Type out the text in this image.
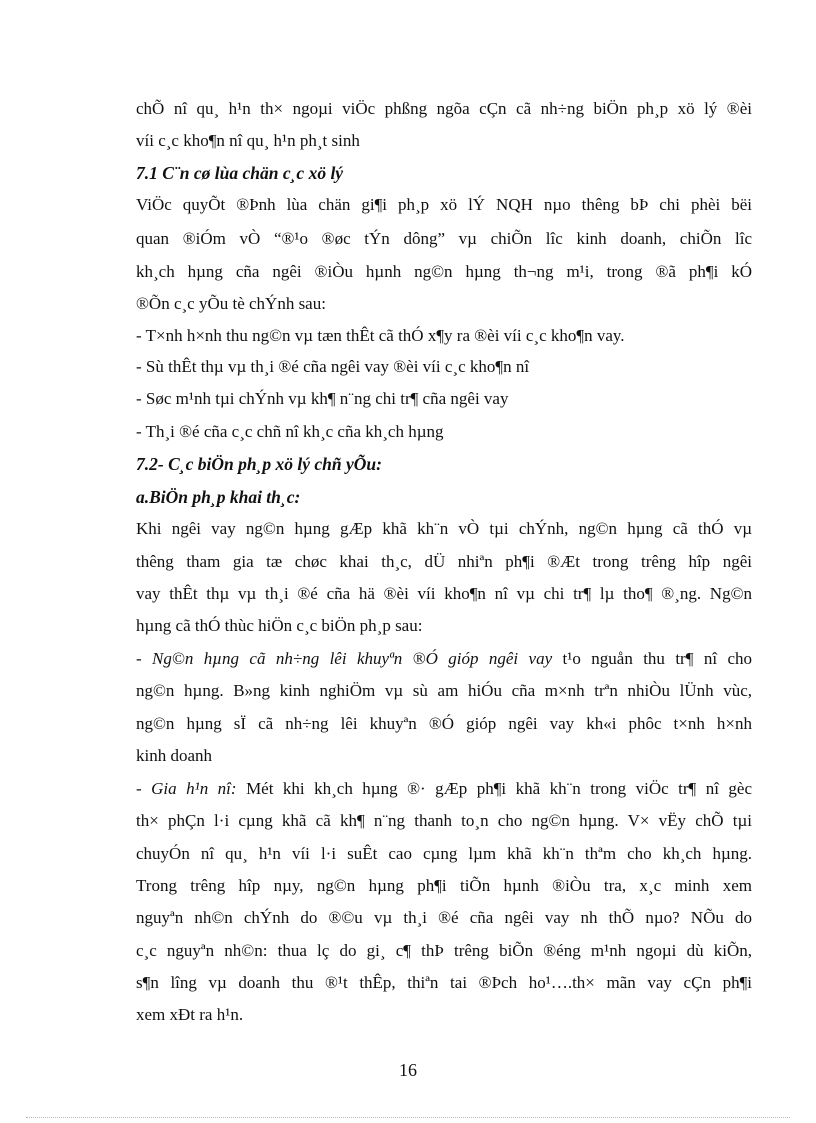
chÕ nî qu¸ h¹n th× ngoµi viÖc phßng ngõa cÇn cã nh÷ng biÖn ph¸p xö lý ®èi
víi c¸c kho¶n nî qu¸ h¹n ph¸t sinh
7.1 C¨n cø lùa chän c¸c xö lý
ViÖc quyÕt ®Þnh lùa chän gi¶i ph¸p xö lÝ NQH nµo thêng bÞ chi phèi bëi
quan ®iÓm vÒ “®¹o ®øc tÝn dông” vµ chiÕn lîc kinh doanh, chiÕn lîc
kh¸ch hµng cña ngêi ®iÒu hµnh ng©n hµng th¬ng m¹i, trong ®ã ph¶i kÓ
®Õn c¸c yÕu tè chÝnh sau:
- T×nh h×nh thu ng©n vµ tæn thÊt cã thÓ x¶y ra ®èi víi c¸c kho¶n vay.
- Sù thÊt thµ vµ th¸i ®é cña ngêi vay ®èi víi c¸c kho¶n nî
- Søc m¹nh tµi chÝnh vµ kh¶ n¨ng chi tr¶ cña ngêi vay
- Th¸i ®é cña c¸c chñ nî kh¸c cña kh¸ch hµng
7.2- C¸c biÖn ph¸p xö lý chñ yÕu:
a.BiÖn ph¸p khai th¸c:
Khi ngêi vay ng©n hµng gÆp khã kh¨n vÒ tµi chÝnh, ng©n hµng cã thÓ vµ
thêng tham gia tæ chøc khai th¸c, dÜ nhiªn ph¶i ®Æt trong trêng hîp ngêi
vay thÊt thµ vµ th¸i ®é cña hä ®èi víi kho¶n nî vµ chi tr¶ lµ tho¶ ®¸ng. Ng©n
hµng cã thÓ thùc hiÖn c¸c biÖn ph¸p sau:
- Ng©n hµng cã nh÷ng lêi khuyªn ®Ó gióp ngêi vay t¹o nguån thu tr¶ nî cho
ng©n hµng. B»ng kinh nghiÖm vµ sù am hiÓu cña m×nh trªn nhiÒu lÜnh vùc,
ng©n hµng sÏ cã nh÷ng lêi khuyªn ®Ó gióp ngêi vay kh«i phôc t×nh h×nh
kinh doanh
- Gia h¹n nî: Mét khi kh¸ch hµng ®· gÆp ph¶i khã kh¨n trong viÖc tr¶ nî gèc
th× phÇn l·i cµng khã cã kh¶ n¨ng thanh to¸n cho ng©n hµng. V× vËy chÕ tµi
chuyÓn nî qu¸ h¹n víi l·i suÊt cao cµng lµm khã kh¨n thªm cho kh¸ch hµng.
Trong trêng hîp nµy, ng©n hµng ph¶i tiÕn hµnh ®iÒu tra, x¸c minh xem
nguyªn nh©n chÝnh do ®©u vµ th¸i ®é cña ngêi vay nh thÕ nµo? NÕu do
c¸c nguyªn nh©n: thua lç do gi¸ c¶ thÞ trêng biÕn ®éng m¹nh ngoµi dù kiÕn,
s¶n lîng vµ doanh thu ®¹t thÊp, thiªn tai ®Þch ho¹….th× mãn vay cÇn ph¶i
xem xÐt ra h¹n.
16
